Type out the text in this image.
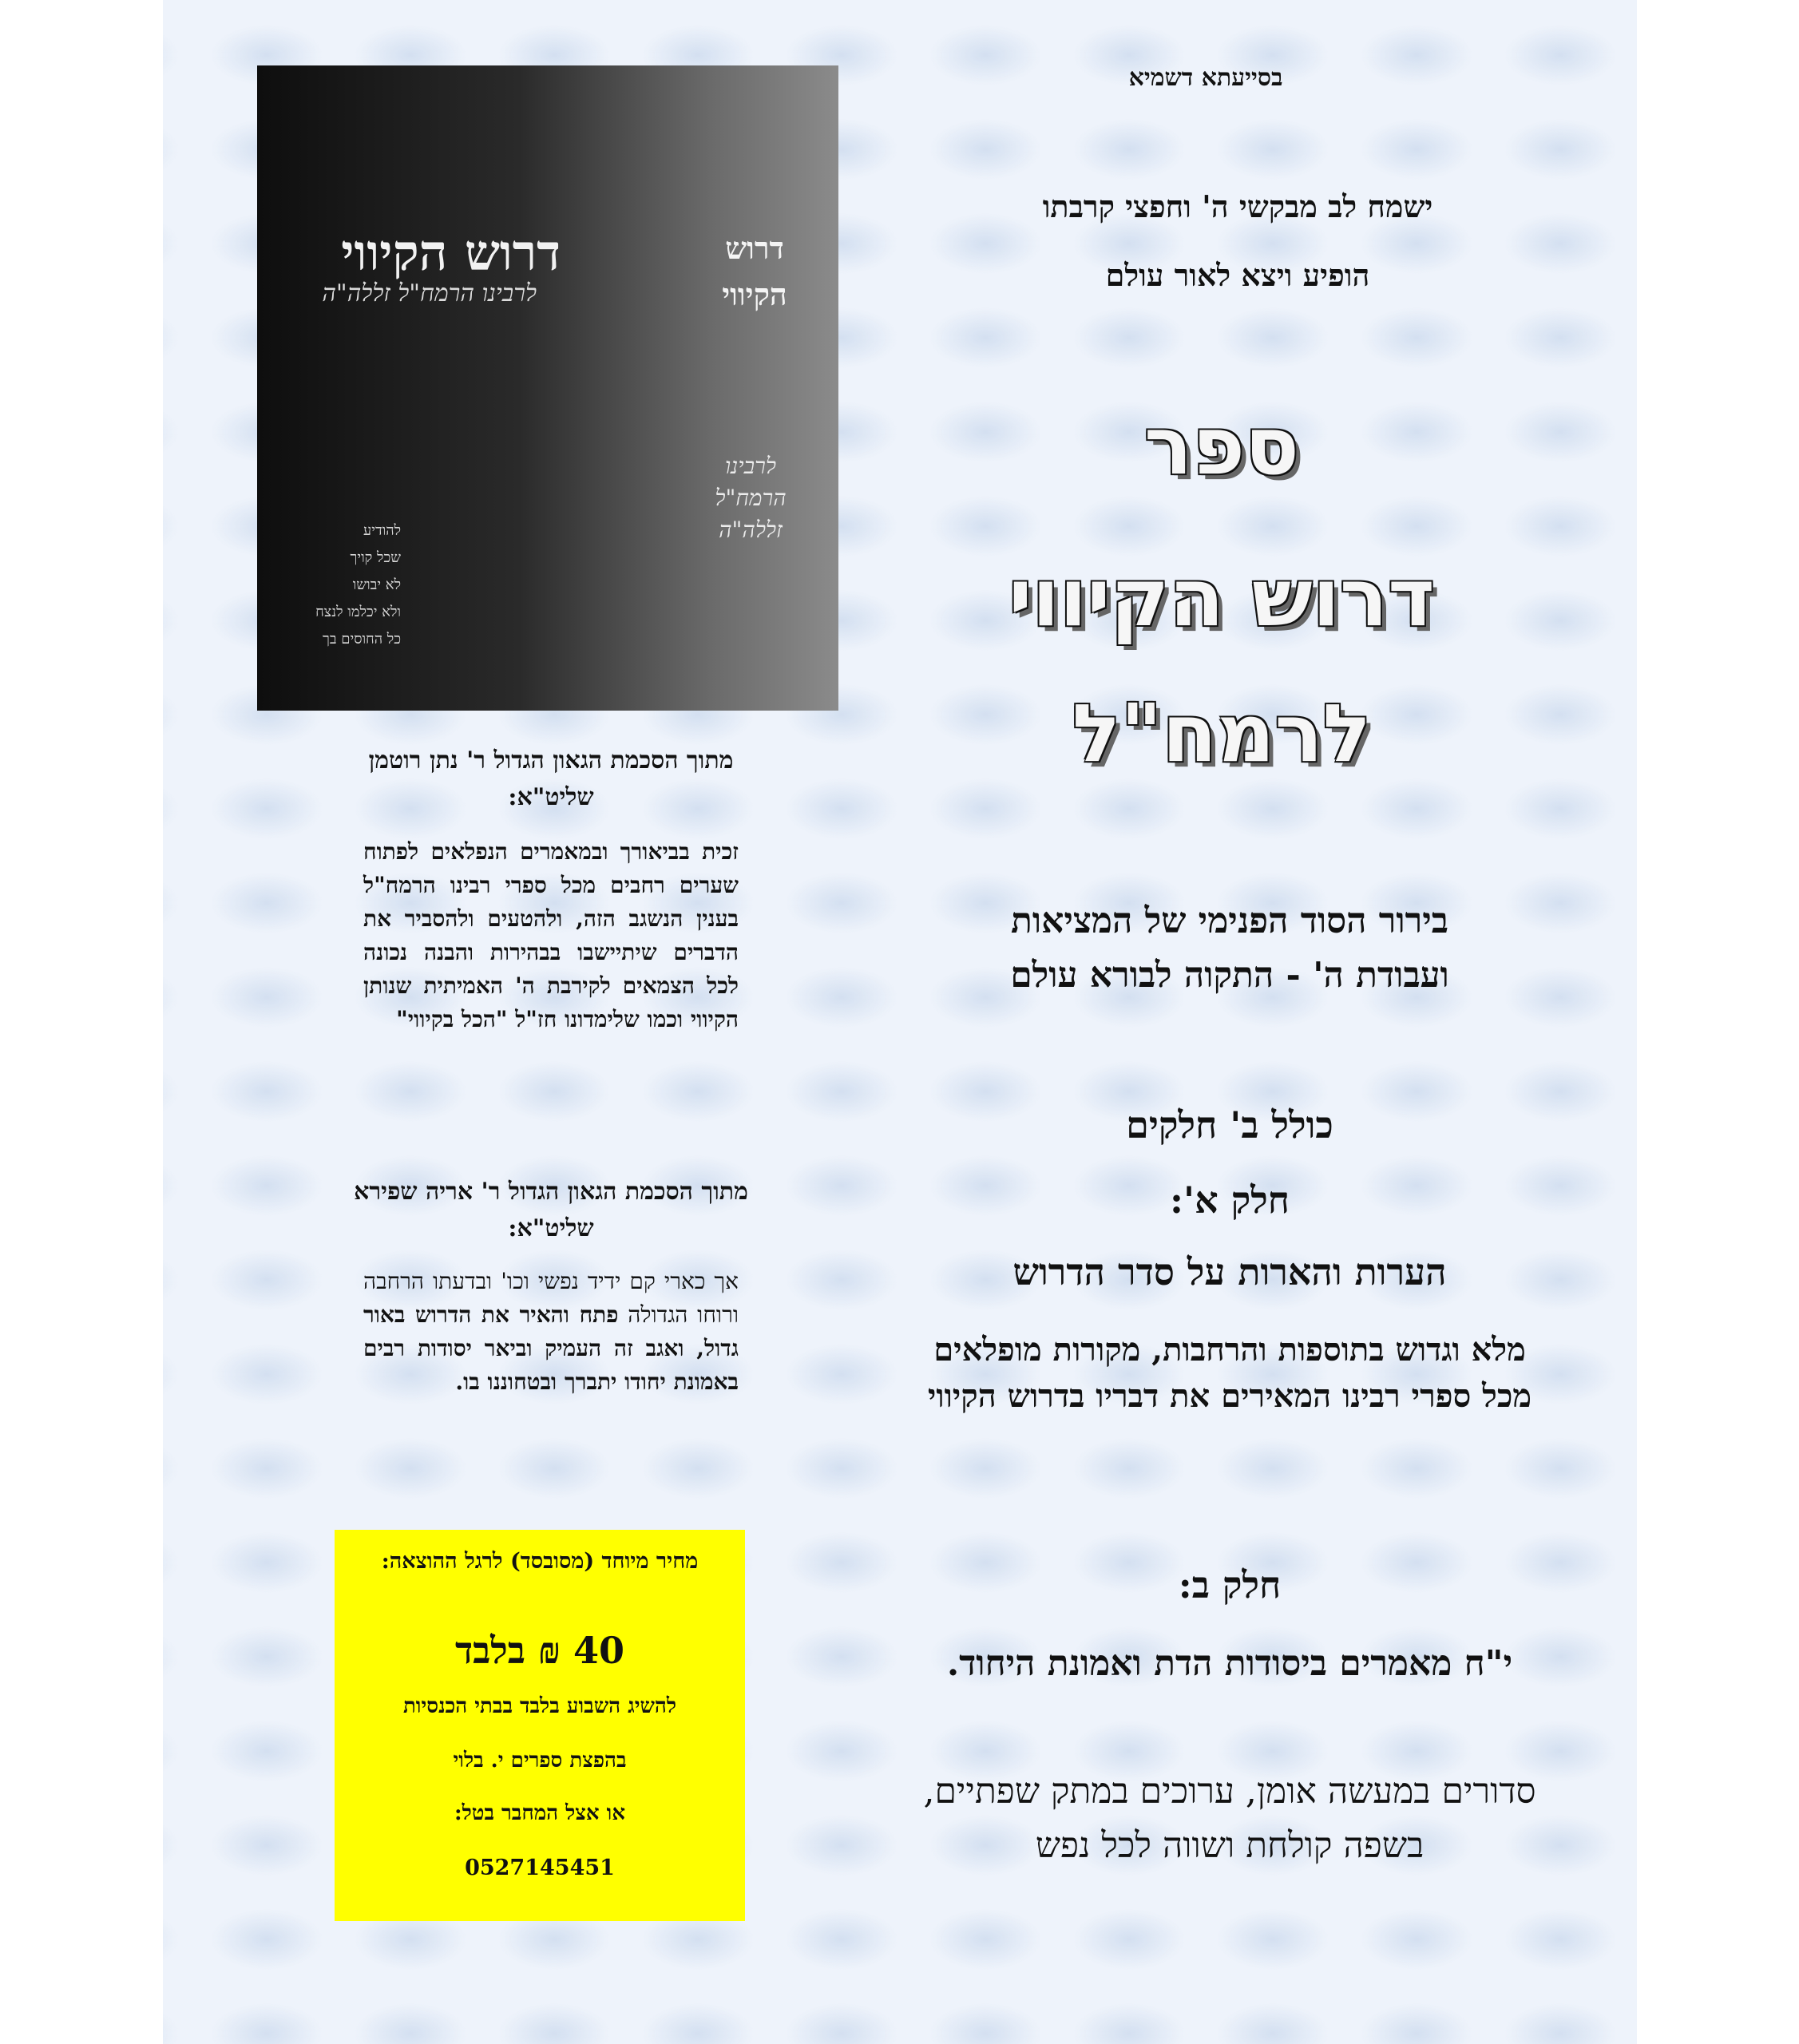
דרוש הקיווי
לרבינו הרמח"ל זללה"ה
דרוש הקיווי
לרבינו הרמח"ל זללה"ה
להודיע
שכל קויך
לא יבושו
ולא יכלמו לנצח
כל החוסים בך
בסייעתא דשמיא
ישמח לב מבקשי ה' וחפצי קרבתו
הופיע ויצא לאור עולם
ספר
דרוש הקיווי
לרמח"ל
בירור הסוד הפנימי של המציאות
ועבודת ה' - התקוה לבורא עולם
כולל ב' חלקים
חלק א':
הערות והארות על סדר הדרוש
מלא וגדוש בתוספות והרחבות, מקורות מופלאים מכל ספרי רבינו המאירים את דבריו בדרוש הקיווי
חלק ב:
י"ח מאמרים ביסודות הדת ואמונת היחוד.
סדורים במעשה אומן, ערוכים במתק שפתיים, בשפה קולחת ושווה לכל נפש
מתוך הסכמת הגאון הגדול ר' נתן רוטמן שליט"א:
זכית בביאורך ובמאמרים הנפלאים לפתוח שערים רחבים מכל ספרי רבינו הרמח"ל בענין הנשגב הזה, ולהטעים ולהסביר את הדברים שיתיישבו בבהירות והבנה נכונה לכל הצמאים לקירבת ה' האמיתית שנותן הקיווי וכמו שלימדונו חז"ל "הכל בקיווי"
מתוך הסכמת הגאון הגדול ר' אריה שפירא שליט"א:
אך כארי קם ידיד נפשי וכו' ובדעתו הרחבה ורוחו הגדולה פתח והאיר את הדרוש באור גדול, ואגב זה העמיק וביאר יסודות רבים באמונת יחודו יתברך ובטחוננו בו.
מחיר מיוחד (מסובסד) לרגל ההוצאה:
40 ₪ בלבד
להשיג השבוע בלבד בבתי הכנסיות
בהפצת ספרים י. בלוי
או אצל המחבר בטל:
0527145451
